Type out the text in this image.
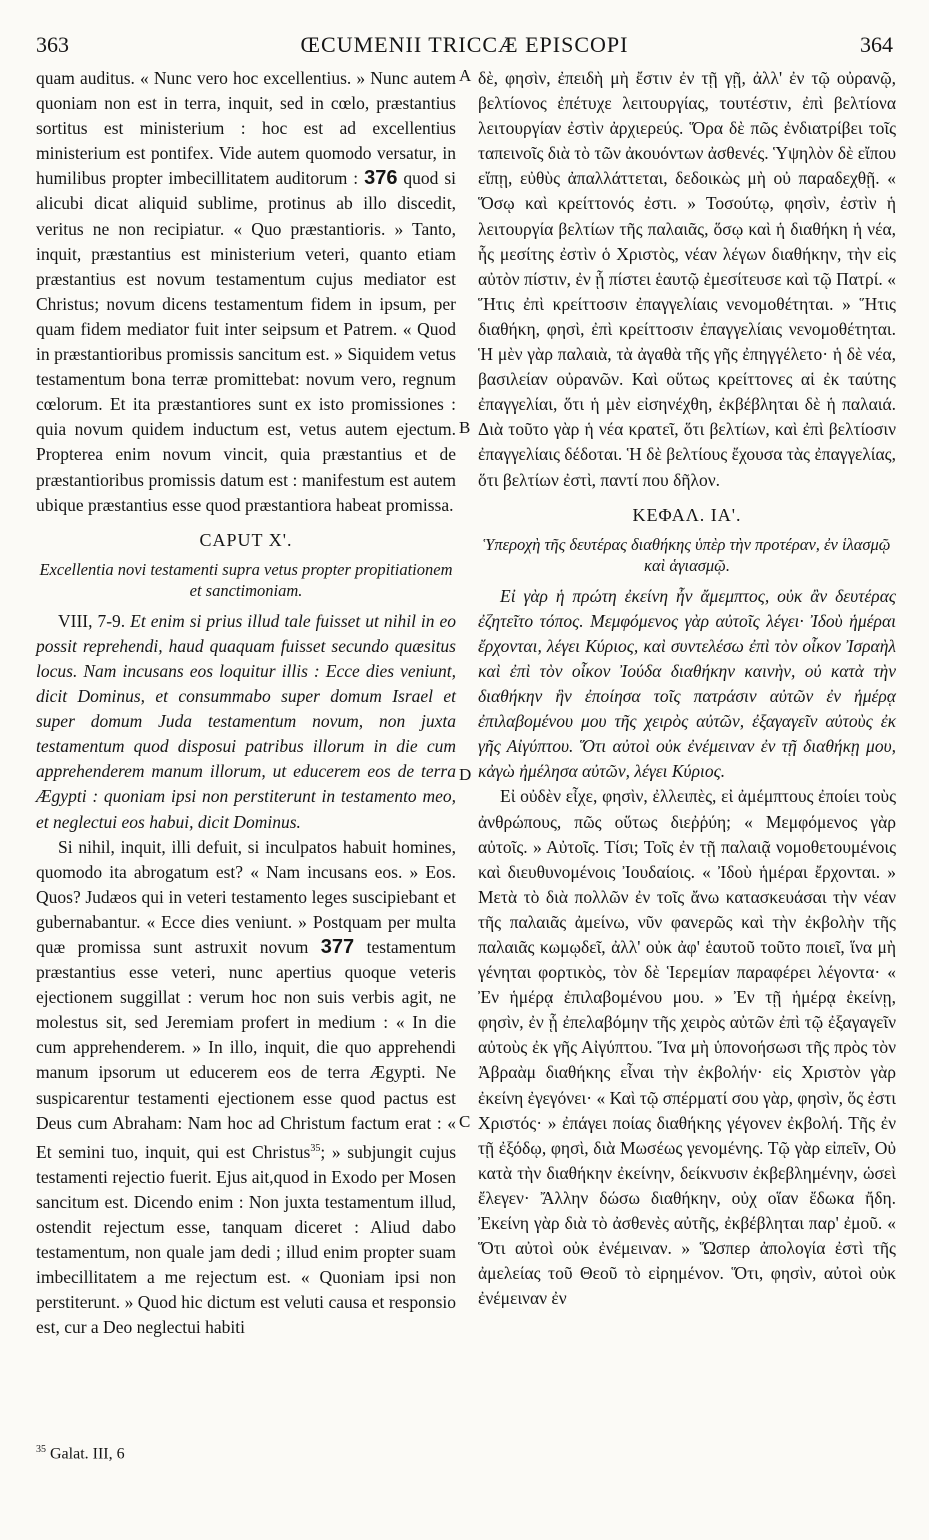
363	ŒCUMENII TRICCÆ EPISCOPI	364

quam auditus. « Nunc vero hoc excellentius. » Nunc autem quoniam non est in terra, inquit, sed in cœlo, præstantius sortitus est ministerium : hoc est ad excellentius ministerium est pontifex. Vide autem quomodo versatur, in humilibus propter imbecillitatem auditorum : 376 quod si alicubi dicat aliquid sublime, protinus ab illo discedit, veritus ne non recipiatur. « Quo præstantioris. » Tanto, inquit, præstantius est ministerium veteri, quanto etiam præstantius est novum testamentum cujus mediator est Christus; novum dicens testamentum fidem in ipsum, per quam fidem mediator fuit inter seipsum et Patrem. « Quod in præstantioribus promissis sancitum est. » Siquidem vetus testamentum bona terræ promittebat: novum vero, regnum cœlorum. Et ita præstantiores sunt ex isto promissiones : quia novum quidem inductum est, vetus autem ejectum. Propterea enim novum vincit, quia præstantius et de præstantioribus promissis datum est : manifestum est autem ubique præstantius esse quod præstantiora habeat promissa.

CAPUT X'.
Excellentia novi testamenti supra vetus propter propitiationem et sanctimoniam.

VIII, 7-9. Et enim si prius illud tale fuisset ut nihil in eo possit reprehendi, haud quaquam fuisset secundo quæsitus locus. Nam incusans eos loquitur illis : Ecce dies veniunt, dicit Dominus, et consummabo super domum Israel et super domum Juda testamentum novum, non juxta testamentum quod disposui patribus illorum in die cum apprehenderem manum illorum, ut educerem eos de terra Ægypti : quoniam ipsi non perstiterunt in testamento meo, et neglectui eos habui, dicit Dominus.

Si nihil, inquit, illi defuit, si inculpatos habuit homines, quomodo ita abrogatum est? « Nam incusans eos. » Eos. Quos? Judæos qui in veteri testamento leges suscipiebant et gubernabantur. « Ecce dies veniunt. » Postquam per multa quæ promissa sunt astruxit novum 377 testamentum præstantius esse veteri, nunc apertius quoque veteris ejectionem suggillat : verum hoc non suis verbis agit, ne molestus sit, sed Jeremiam profert in medium : « In die cum apprehenderem. » In illo, inquit, die quo apprehendi manum ipsorum ut educerem eos de terra Ægypti. Ne suspicarentur testamenti ejectionem esse quod pactus est Deus cum Abraham: Nam hoc ad Christum factum erat : « Et semini tuo, inquit, qui est Christus$^{35}$; » subjungit cujus testamenti rejectio fuerit. Ejus ait,quod in Exodo per Mosen sancitum est. Dicendo enim : Non juxta testamentum illud, ostendit rejectum esse, tanquam diceret : Aliud dabo testamentum, non quale jam dedi ; illud enim propter suam imbecillitatem a me rejectum est. « Quoniam ipsi non perstiterunt. » Quod hic dictum est veluti causa et responsio est, cur a Deo neglectui habiti

A
B
D
C

δὲ, φησὶν, ἐπειδὴ μὴ ἔστιν ἐν τῇ γῇ, ἀλλ' ἐν τῷ οὐρανῷ, βελτίονος ἐπέτυχε λειτουργίας, τουτέστιν, ἐπὶ βελτίονα λειτουργίαν ἐστὶν ἀρχιερεύς. Ὅρα δὲ πῶς ἐνδιατρίβει τοῖς ταπεινοῖς διὰ τὸ τῶν ἀκουόντων ἀσθενές. Ὑψηλὸν δὲ εἴπου εἴπῃ, εὐθὺς ἀπαλλάττεται, δεδοικὼς μὴ οὐ παραδεχθῇ. « Ὅσῳ καὶ κρείττονός ἐστι. » Τοσούτῳ, φησὶν, ἐστὶν ἡ λειτουργία βελτίων τῆς παλαιᾶς, ὅσῳ καὶ ἡ διαθήκη ἡ νέα, ἧς μεσίτης ἐστὶν ὁ Χριστὸς, νέαν λέγων διαθήκην, τὴν εἰς αὐτὸν πίστιν, ἐν ᾗ πίστει ἑαυτῷ ἐμεσίτευσε καὶ τῷ Πατρί. « Ἥτις ἐπὶ κρείττοσιν ἐπαγγελίαις νενομοθέτηται. » Ἥτις διαθήκη, φησὶ, ἐπὶ κρείττοσιν ἐπαγγελίαις νενομοθέτηται. Ἡ μὲν γὰρ παλαιὰ, τὰ ἀγαθὰ τῆς γῆς ἐπηγγέλετο· ἡ δὲ νέα, βασιλείαν οὐρανῶν. Καὶ οὕτως κρείττονες αἱ ἐκ ταύτης ἐπαγγελίαι, ὅτι ἡ μὲν εἰσηνέχθη, ἐκβέβληται δὲ ἡ παλαιά. Διὰ τοῦτο γὰρ ἡ νέα κρατεῖ, ὅτι βελτίων, καὶ ἐπὶ βελτίοσιν ἐπαγγελίαις δέδοται. Ἡ δὲ βελτίους ἔχουσα τὰς ἐπαγγελίας, ὅτι βελτίων ἐστὶ, παντί που δῆλον.

ΚΕΦΑΛ. ΙΑ'.
Ὑπεροχὴ τῆς δευτέρας διαθήκης ὑπὲρ τὴν προτέραν, ἐν ἱλασμῷ καὶ ἁγιασμῷ.

Εἰ γὰρ ἡ πρώτη ἐκείνη ἦν ἄμεμπτος, οὐκ ἂν δευτέρας ἐζητεῖτο τόπος. Μεμφόμενος γὰρ αὐτοῖς λέγει· Ἰδοὺ ἡμέραι ἔρχονται, λέγει Κύριος, καὶ συντελέσω ἐπὶ τὸν οἶκον Ἰσραὴλ καὶ ἐπὶ τὸν οἶκον Ἰούδα διαθήκην καινὴν, οὐ κατὰ τὴν διαθήκην ἣν ἐποίησα τοῖς πατράσιν αὐτῶν ἐν ἡμέρᾳ ἐπιλαβομένου μου τῆς χειρὸς αὐτῶν, ἐξαγαγεῖν αὐτοὺς ἐκ γῆς Αἰγύπτου. Ὅτι αὐτοὶ οὐκ ἐνέμειναν ἐν τῇ διαθήκῃ μου, κἀγὼ ἠμέλησα αὐτῶν, λέγει Κύριος.

Εἰ οὐδὲν εἶχε, φησὶν, ἐλλειπὲς, εἰ ἀμέμπτους ἐποίει τοὺς ἀνθρώπους, πῶς οὕτως διεῤῥύη; « Μεμφόμενος γὰρ αὐτοῖς. » Αὐτοῖς. Τίσι; Τοῖς ἐν τῇ παλαιᾷ νομοθετουμένοις καὶ διευθυνομένοις Ἰουδαίοις. « Ἰδοὺ ἡμέραι ἔρχονται. » Μετὰ τὸ διὰ πολλῶν ἐν τοῖς ἄνω κατασκευάσαι τὴν νέαν τῆς παλαιᾶς ἀμείνω, νῦν φανερῶς καὶ τὴν ἐκβολὴν τῆς παλαιᾶς κωμῳδεῖ, ἀλλ' οὐκ ἀφ' ἑαυτοῦ τοῦτο ποιεῖ, ἵνα μὴ γένηται φορτικὸς, τὸν δὲ Ἱερεμίαν παραφέρει λέγοντα· « Ἐν ἡμέρᾳ ἐπιλαβομένου μου. » Ἐν τῇ ἡμέρᾳ ἐκείνῃ, φησὶν, ἐν ᾗ ἐπελαβόμην τῆς χειρὸς αὐτῶν ἐπὶ τῷ ἐξαγαγεῖν αὐτοὺς ἐκ γῆς Αἰγύπτου. Ἵνα μὴ ὑπονοήσωσι τῆς πρὸς τὸν Ἀβραὰμ διαθήκης εἶναι τὴν ἐκβολήν· εἰς Χριστὸν γὰρ ἐκείνη ἐγεγόνει· « Καὶ τῷ σπέρματί σου γὰρ, φησὶν, ὅς ἐστι Χριστός· » ἐπάγει ποίας διαθήκης γέγονεν ἐκβολή. Τῆς ἐν τῇ ἐξόδῳ, φησὶ, διὰ Μωσέως γενομένης. Τῷ γὰρ εἰπεῖν, Οὐ κατὰ τὴν διαθήκην ἐκείνην, δείκνυσιν ἐκβεβλημένην, ὡσεὶ ἔλεγεν· Ἄλλην δώσω διαθήκην, οὐχ οἵαν ἔδωκα ἤδη. Ἐκείνη γὰρ διὰ τὸ ἀσθενὲς αὐτῆς, ἐκβέβληται παρ' ἐμοῦ. « Ὅτι αὐτοὶ οὐκ ἐνέμειναν. » Ὥσπερ ἀπολογία ἐστὶ τῆς ἀμελείας τοῦ Θεοῦ τὸ εἰρημένον. Ὅτι, φησὶν, αὐτοὶ οὐκ ἐνέμειναν ἐν

$^{35}$ Galat. III, 6
